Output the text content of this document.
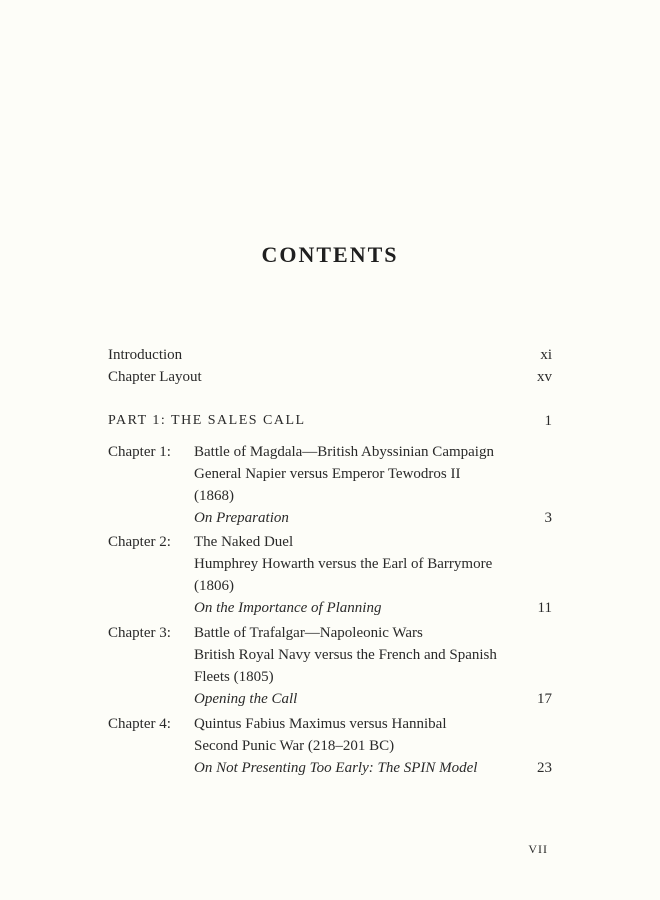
CONTENTS
Introduction	xi
Chapter Layout	xv
PART 1: THE SALES CALL	1
Chapter 1: Battle of Magdala—British Abyssinian Campaign
General Napier versus Emperor Tewodros II
(1868)
On Preparation	3
Chapter 2: The Naked Duel
Humphrey Howarth versus the Earl of Barrymore
(1806)
On the Importance of Planning	11
Chapter 3: Battle of Trafalgar—Napoleonic Wars
British Royal Navy versus the French and Spanish
Fleets (1805)
Opening the Call	17
Chapter 4: Quintus Fabius Maximus versus Hannibal
Second Punic War (218–201 BC)
On Not Presenting Too Early: The SPIN Model	23
VII
